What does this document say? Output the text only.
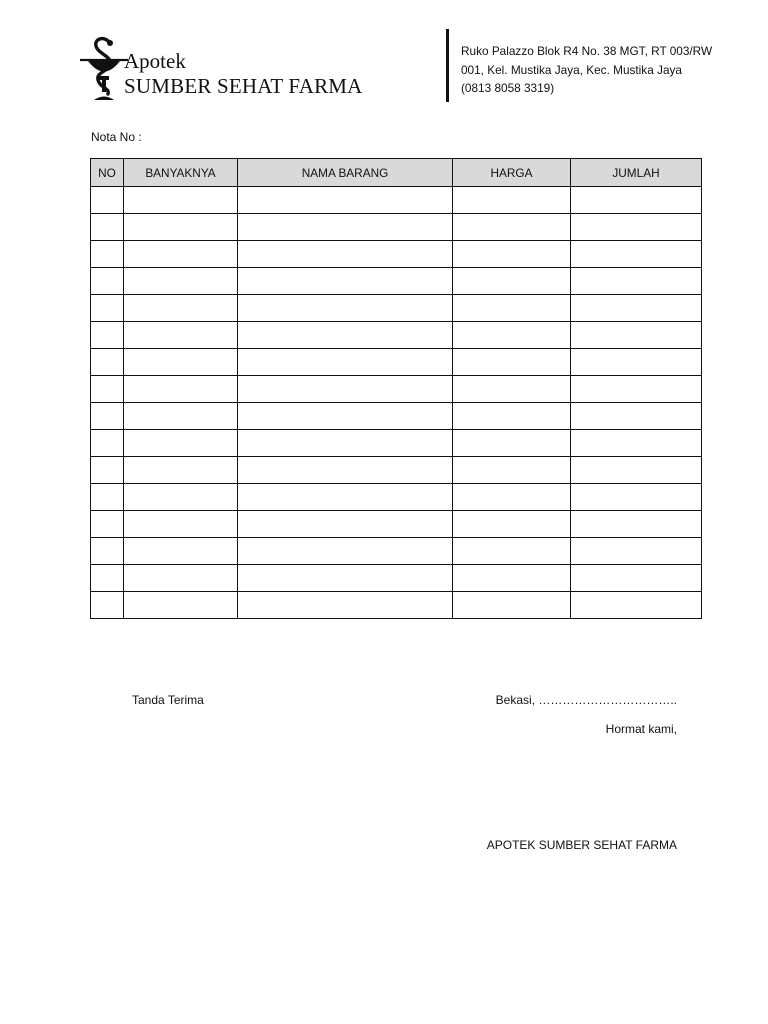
Apotek
SUMBER SEHAT FARMA
Ruko Palazzo Blok R4 No. 38 MGT, RT 003/RW
001, Kel. Mustika Jaya, Kec. Mustika Jaya
(0813 8058 3319)
Nota No :
NO	BANYAKNYA	NAMA BARANG	HARGA	JUMLAH

Tanda Terima	Bekasi, ……………………………..
Hormat kami,
APOTEK SUMBER SEHAT FARMA
